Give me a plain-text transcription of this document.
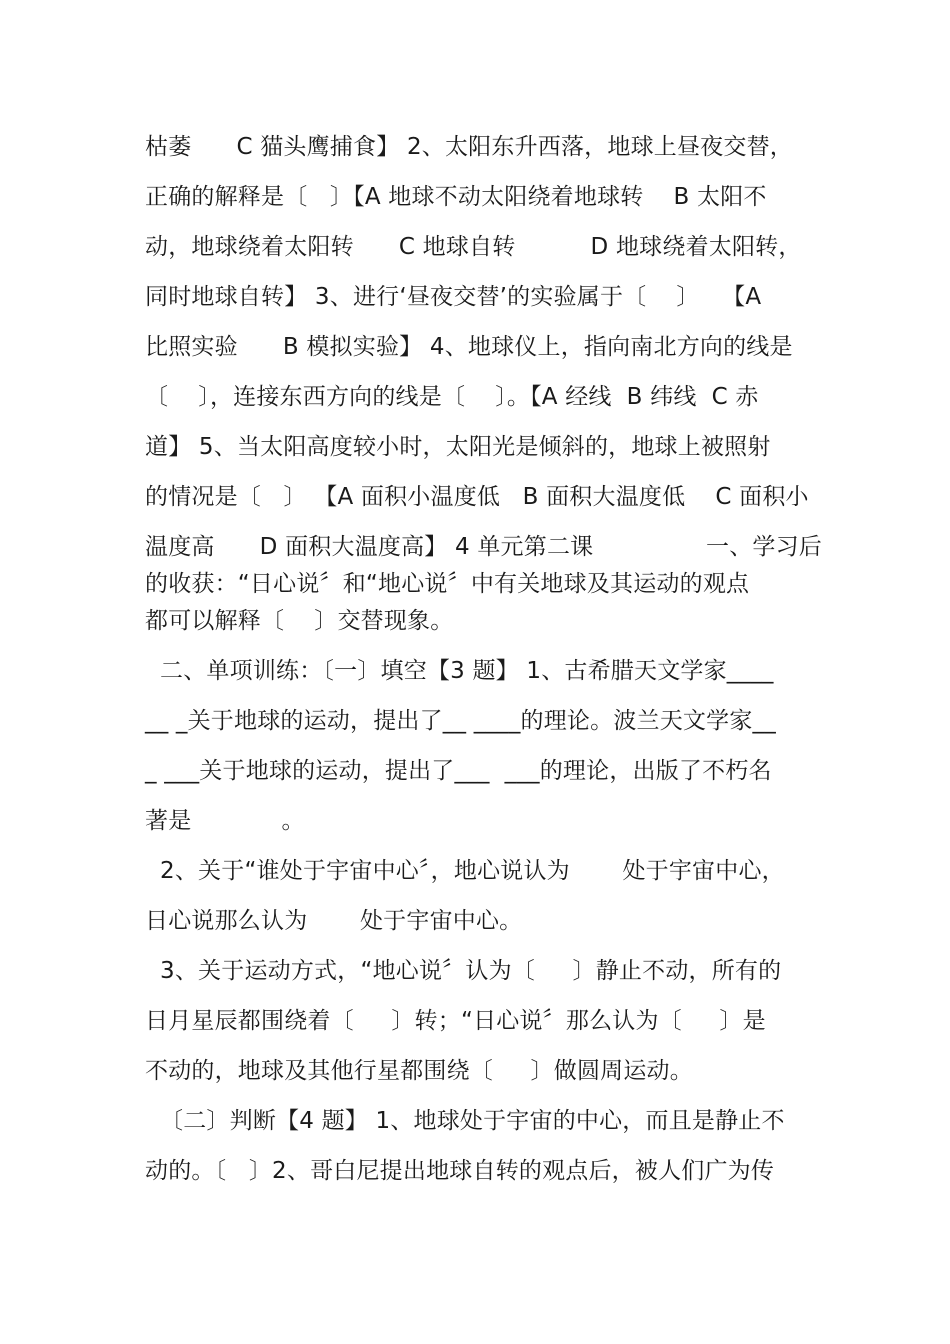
枯萎      C 猫头鹰捕食】 2、太阳东升西落，地球上昼夜交替，
正确的解释是〔   〕【A 地球不动太阳绕着地球转    B 太阳不
动，地球绕着太阳转      C 地球自转          D 地球绕着太阳转，
同时地球自转】 3、进行‘昼夜交替’的实验属于〔    〕   【A
比照实验      B 模拟实验】 4、地球仪上，指向南北方向的线是
〔    〕，连接东西方向的线是〔    〕。【A 经线  B 纬线  C 赤
道】 5、当太阳高度较小时，太阳光是倾斜的，地球上被照射
的情况是〔   〕 【A 面积小温度低   B 面积大温度低    C 面积小
温度高      D 面积大温度高】 4 单元第二课               一、学习后
的收获：“日心说〞和“地心说〞中有关地球及其运动的观点
都可以解释〔    〕交替现象。
二、单项训练：〔一〕填空【3 题】 1、古希腊天文学家____
__ _关于地球的运动，提出了__ ____的理论。波兰天文学家__
_ ___关于地球的运动，提出了___  ___的理论，出版了不朽名
著是            。
2、关于“谁处于宇宙中心〞，地心说认为       处于宇宙中心，
日心说那么认为       处于宇宙中心。
3、关于运动方式，“地心说〞认为〔     〕静止不动，所有的
日月星辰都围绕着〔     〕转；“日心说〞那么认为〔     〕是
不动的，地球及其他行星都围绕〔     〕做圆周运动。
〔二〕判断【4 题】 1、地球处于宇宙的中心，而且是静止不
动的。〔   〕2、哥白尼提出地球自转的观点后，被人们广为传
